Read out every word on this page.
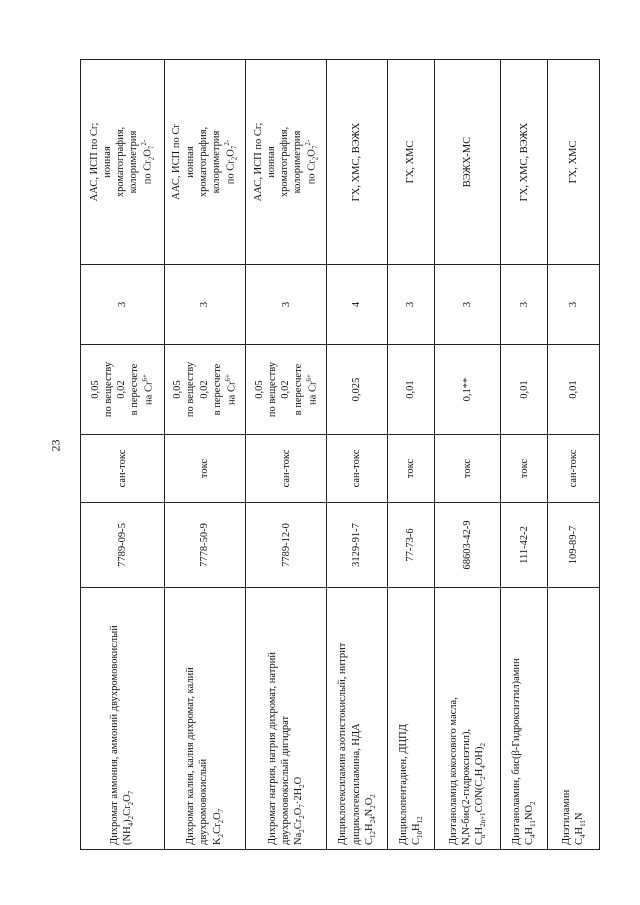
23
Дихромат аммония, аммоний двухромовокислый $(NH_4)_2Cr_2O_7$	7789-09-5	сан-токс	0,05 по веществу 0,02 в пересчете на $Cr^{6+}$	3	ААС, ИСП по Cr; ионная хроматография, колориметрия по $Cr_2O_7^{2-}$

Дихромат калия, калия дихромат, калий двухромовокислый $K_2Cr_2O_7$	7778-50-9	токс	0,05 по веществу 0,02 в пересчете на $Cr^{6+}$	3	ААС, ИСП по Cr ионная хроматография, колориметрия по $Cr_2O_7^{2-}$

Дихромат натрия, натрия дихромат, натрий двухромовокислый дигидрат $Na_2Cr_2O_7\cdot 2H_2O$	7789-12-0	сан-токс	0,05 по веществу 0,02 в пересчете на $Cr^{6+}$	3	ААС, ИСП по Cr; ионная хроматография, колориметрия по $Cr_2O_7^{2-}$

Дициклогексиламин азотистокислый, нитрит дициклогексиламина, НДА $C_{12}H_{24}N_2O_2$	3129-91-7	сан-токс	0,025	4	ГХ, ХМС, ВЭЖХ

Дициклопентадиен, ДЦПД $C_{10}H_{12}$	77-73-6	токс	0,01	3	ГХ, ХМС

Диэтаноламид кокосового масла, N,N-бис(2-гидроксиэтил), $C_nH_{2n+1}CON(C_2H_4OH)_2$	68603-42-9	токс	0,1**	3	ВЭЖХ-МС

Диэтаноламин, бис(β-Гидроксиэтил)амин $C_4H_{11}NO_2$	111-42-2	токс	0,01	3	ГХ, ХМС, ВЭЖХ

Диэтиламин $C_4H_{11}N$	109-89-7	сан-токс	0,01	3	ГХ, ХМС
